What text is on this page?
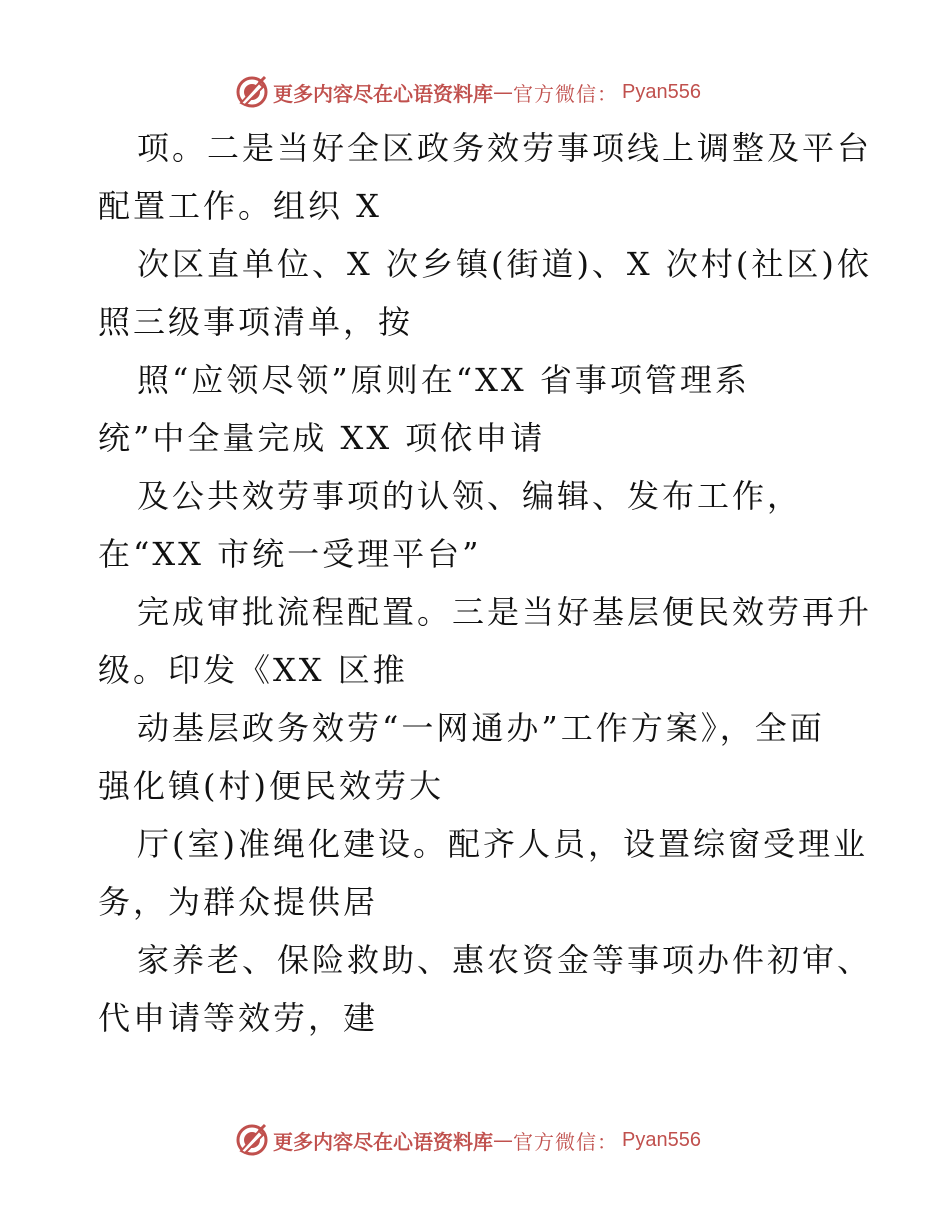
更多内容尽在心语资料库 — 官方微信： Pyan556
项。二是当好全区政务效劳事项线上调整及平台
配置工作。组织 X
次区直单位、X 次乡镇(街道)、X 次村(社区)依
照三级事项清单，按
照“应领尽领”原则在“XX 省事项管理系
统”中全量完成 XX 项依申请
及公共效劳事项的认领、编辑、发布工作，
在“XX 市统一受理平台”
完成审批流程配置。三是当好基层便民效劳再升
级。印发《XX 区推
动基层政务效劳“一网通办”工作方案》，全面
强化镇(村)便民效劳大
厅(室)准绳化建设。配齐人员，设置综窗受理业
务，为群众提供居
家养老、保险救助、惠农资金等事项办件初审、
代申请等效劳，建
更多内容尽在心语资料库 — 官方微信： Pyan556
